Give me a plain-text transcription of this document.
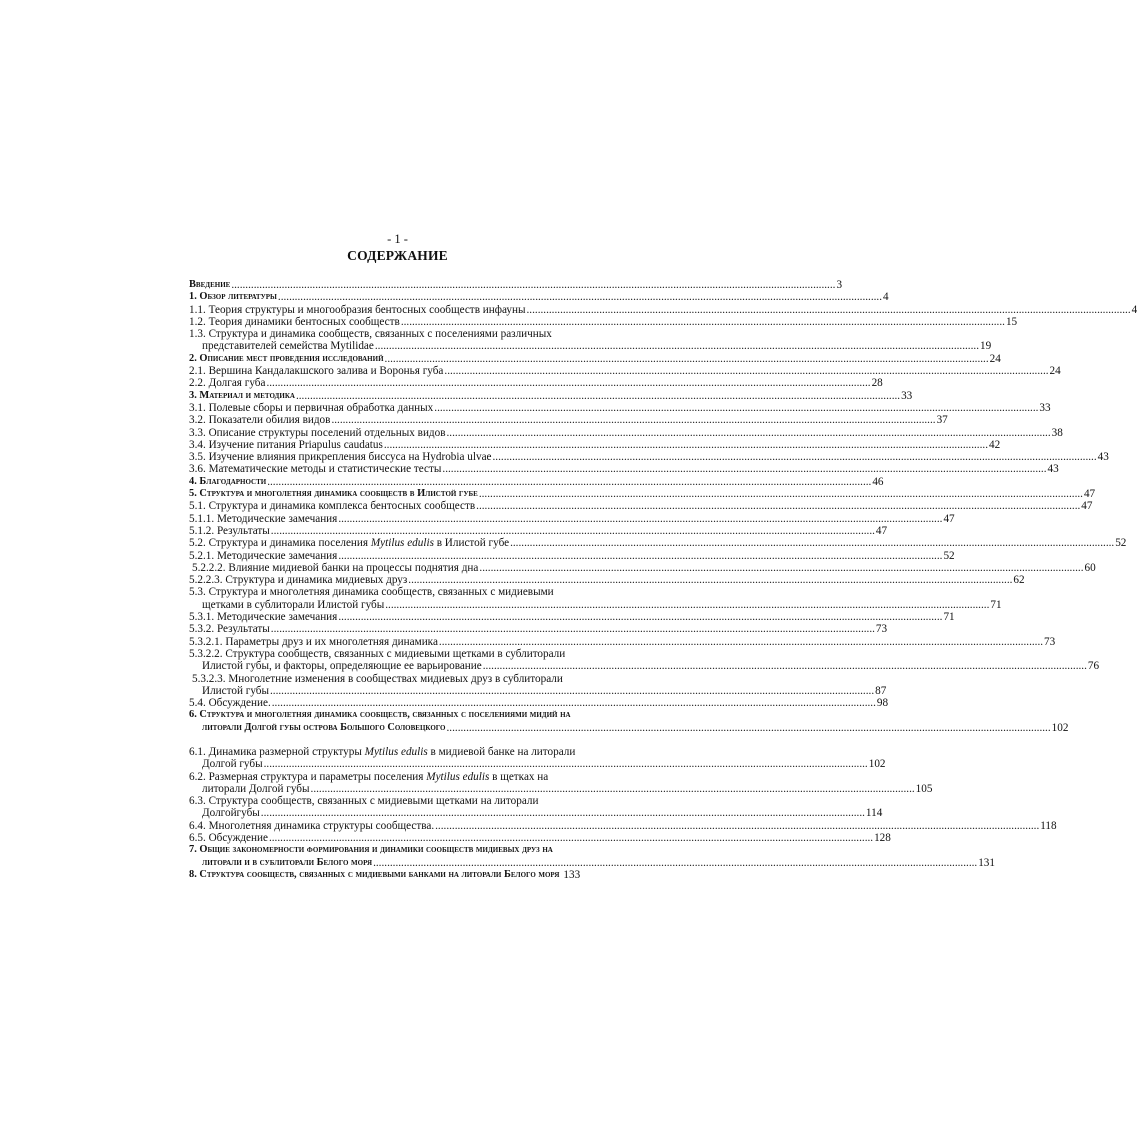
- 1 -
СОДЕРЖАНИЕ
Введение .....	3
1. Обзор литературы .....	4
1.1. Теория структуры и многообразия бентосных сообществ инфауны .....	4
1.2. Теория динамики бентосных сообществ .....	15
1.3. Структура и динамика сообществ, связанных с поселениями различных
представителей семейства Mytilidae .....	19
2. Описание мест проведения исследований .....	24
2.1. Вершина Кандалакшского залива и Воронья губа .....	24
2.2. Долгая губа .....	28
3. Материал и методика .....	33
3.1. Полевые сборы и первичная обработка данных .....	33
3.2. Показатели обилия видов .....	37
3.3. Описание структуры поселений отдельных видов .....	38
3.4. Изучение питания Priapulus caudatus .....	42
3.5. Изучение влияния прикрепления биссуса на Hydrobia ulvae .....	43
3.6. Математические методы и статистические тесты .....	43
4. Благодарности .....	46
5. Структура и многолетняя динамика сообществ в Илистой губе .....	47
5.1. Структура и динамика комплекса бентосных сообществ .....	47
5.1.1. Методические замечания .....	47
5.1.2. Результаты .....	47
5.2. Структура и динамика поселения Mytilus edulis в Илистой губе .....	52
5.2.1. Методические замечания .....	52
5.2.2.2. Влияние мидиевой банки на процессы поднятия дна .....	60
5.2.2.3. Структура и динамика мидиевых друз .....	62
5.3. Структура и многолетняя динамика сообществ, связанных с мидиевыми
щетками в сублиторали Илистой губы .....	71
5.3.1. Методические замечания .....	71
5.3.2. Результаты .....	73
5.3.2.1. Параметры друз и их многолетняя динамика .....	73
5.3.2.2. Структура сообществ, связанных с мидиевыми щетками в сублиторали
Илистой губы, и факторы, определяющие ее варьирование .....	76
5.3.2.3. Многолетние изменения в сообществах мидиевых друз в сублиторали
Илистой губы .....	87
5.4. Обсуждение. .....	98
6. Структура и многолетняя динамика сообществ, связанных с поселениями мидий на
литорали Долгой губы острова Большого Соловецкого .....	102
6.1. Динамика размерной структуры Mytilus edulis в мидиевой банке на литорали
Долгой губы .....	102
6.2. Размерная структура и параметры поселения Mytilus edulis в щетках на
литорали Долгой губы .....	105
6.3. Структура сообществ, связанных с мидиевыми щетками на литорали
Долгойгубы .....	114
6.4. Многолетняя динамика структуры сообщества. .....	118
6.5. Обсуждение .....	128
7. Общие закономерности формирования и динамики сообществ мидиевых друз на
литорали и в сублиторали Белого моря .....	131
8. Структура сообществ, связанных с мидиевыми банками на литорали Белого моря 133
